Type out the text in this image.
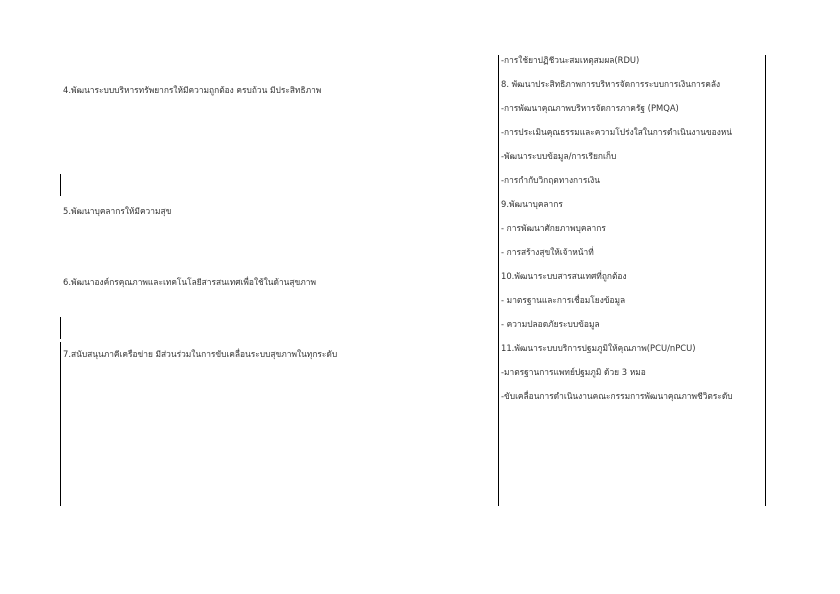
4.พัฒนาระบบบริหารทรัพยากรให้มีความถูกต้อง ครบถ้วน มีประสิทธิภาพ
5.พัฒนาบุคลากรให้มีความสุข
6.พัฒนาองค์กรคุณภาพและเทคโนโลยีสารสนเทศเพื่อใช้ในด้านสุขภาพ
7.สนับสนุนภาคีเครือข่าย มีส่วนร่วมในการขับเคลื่อนระบบสุขภาพในทุกระดับ
-การใช้ยาปฏิชีวนะสมเหตุสมผล(RDU)
8. พัฒนาประสิทธิภาพการบริหารจัดการระบบการเงินการคลัง
-การพัฒนาคุณภาพบริหารจัดการภาครัฐ (PMQA)
-การประเมินคุณธรรมและความโปร่งใสในการดำเนินงานของหน่
-พัฒนาระบบข้อมูล/การเรียกเก็บ
-การกำกับวิกฤตทางการเงิน
9.พัฒนาบุคลากร
- การพัฒนาศักยภาพบุคลากร
- การสร้างสุขให้เจ้าหน้าที่
10.พัฒนาระบบสารสนเทศที่ถูกต้อง
- มาตรฐานและการเชื่อมโยงข้อมูล
- ความปลอดภัยระบบข้อมูล
11.พัฒนาระบบบริการปฐมภูมิให้คุณภาพ(PCU/nPCU)
-มาตรฐานการแพทย์ปฐมภูมิ ด้วย 3 หมอ
-ขับเคลื่อนการดำเนินงานคณะกรรมการพัฒนาคุณภาพชีวิตระดับ
